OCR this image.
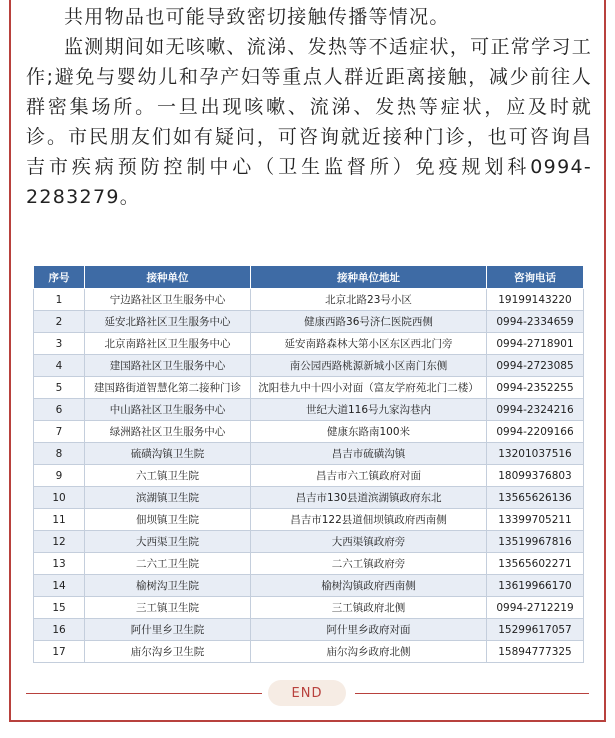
共用物品也可能导致密切接触传播等情况。

监测期间如无咳嗽、流涕、发热等不适症状，可正常学习工作;避免与婴幼儿和孕产妇等重点人群近距离接触，减少前往人群密集场所。一旦出现咳嗽、流涕、发热等症状，应及时就诊。市民朋友们如有疑问，可咨询就近接种门诊，也可咨询昌吉市疾病预防控制中心（卫生监督所）免疫规划科0994-2283279。

序号	接种单位	接种单位地址	咨询电话
1	宁边路社区卫生服务中心	北京北路23号小区	19199143220
2	延安北路社区卫生服务中心	健康西路36号济仁医院西侧	0994-2334659
3	北京南路社区卫生服务中心	延安南路森林大第小区东区西北门旁	0994-2718901
4	建国路社区卫生服务中心	南公园西路桃源新城小区南门东侧	0994-2723085
5	建国路街道智慧化第二接种门诊	沈阳巷九中十四小对面（富友学府苑北门二楼）	0994-2352255
6	中山路社区卫生服务中心	世纪大道116号九家沟巷内	0994-2324216
7	绿洲路社区卫生服务中心	健康东路南100米	0994-2209166
8	硫磺沟镇卫生院	昌吉市硫磺沟镇	13201037516
9	六工镇卫生院	昌吉市六工镇政府对面	18099376803
10	滨湖镇卫生院	昌吉市130县道滨湖镇政府东北	13565626136
11	佃坝镇卫生院	昌吉市122县道佃坝镇政府西南侧	13399705211
12	大西渠卫生院	大西渠镇政府旁	13519967816
13	二六工卫生院	二六工镇政府旁	13565602271
14	榆树沟卫生院	榆树沟镇政府西南侧	13619966170
15	三工镇卫生院	三工镇政府北侧	0994-2712219
16	阿什里乡卫生院	阿什里乡政府对面	15299617057
17	庙尔沟乡卫生院	庙尔沟乡政府北侧	15894777325
END
